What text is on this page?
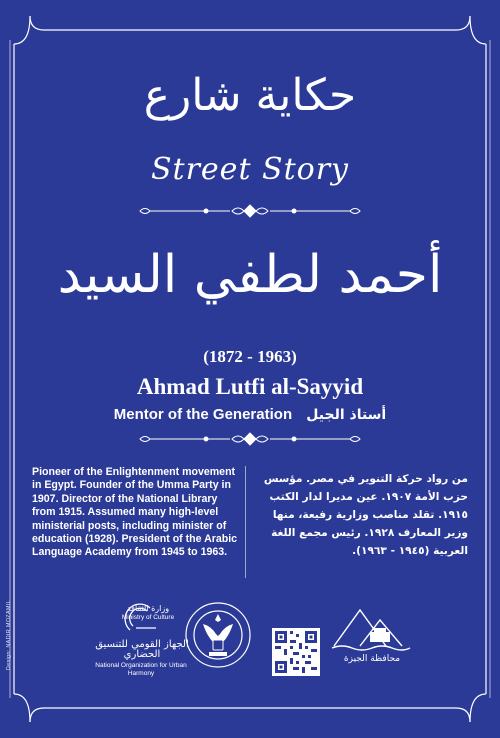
حكاية شارع
Street Story
أحمد لطفي السيد
(1872 - 1963)
Ahmad Lutfi al-Sayyid
Mentor of the Generation أستاذ الجيل
Pioneer of the Enlightenment movement in Egypt. Founder of the Umma Party in 1907. Director of the National Library from 1915. Assumed many high-level ministerial posts, including minister of education (1928). President of the Arabic Language Academy from 1945 to 1963.
من رواد حركة التنوير في مصر. مؤسس حزب الأمة ١٩٠٧. عين مديرا لدار الكتب ١٩١٥. تقلد مناصب وزارية رفيعة، منها وزير المعارف ١٩٢٨. رئيس مجمع اللغة العربية (١٩٤٥ - ١٩٦٣).
Design: NADIR MOZAMIL	وزارة الثقافة
Ministry of Culture
الجهاز القومي للتنسيق الحضاري
National Organization for Urban Harmony
محافظة الجيزة
